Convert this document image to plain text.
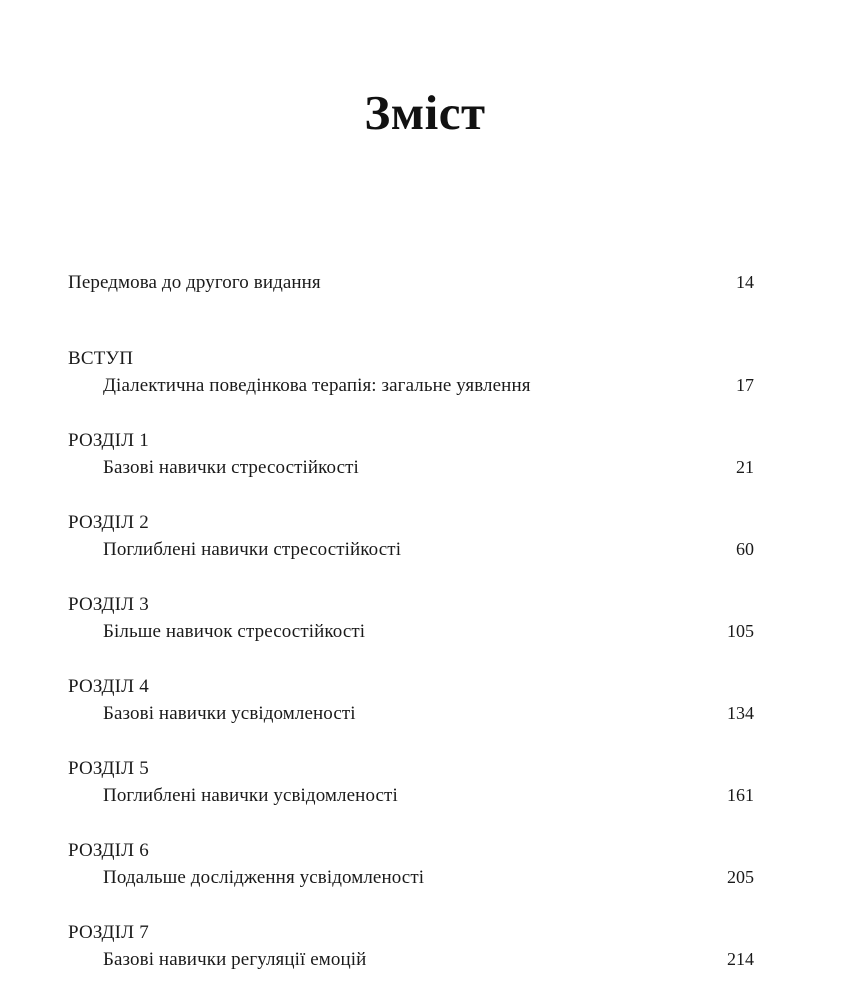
Зміст
Передмова до другого видання	14
ВСТУП
Діалектична поведінкова терапія: загальне уявлення	17
РОЗДІЛ 1
Базові навички стресостійкості	21
РОЗДІЛ 2
Поглиблені навички стресостійкості	60
РОЗДІЛ 3
Більше навичок стресостійкості	105
РОЗДІЛ 4
Базові навички усвідомленості	134
РОЗДІЛ 5
Поглиблені навички усвідомленості	161
РОЗДІЛ 6
Подальше дослідження усвідомленості	205
РОЗДІЛ 7
Базові навички регуляції емоцій	214
